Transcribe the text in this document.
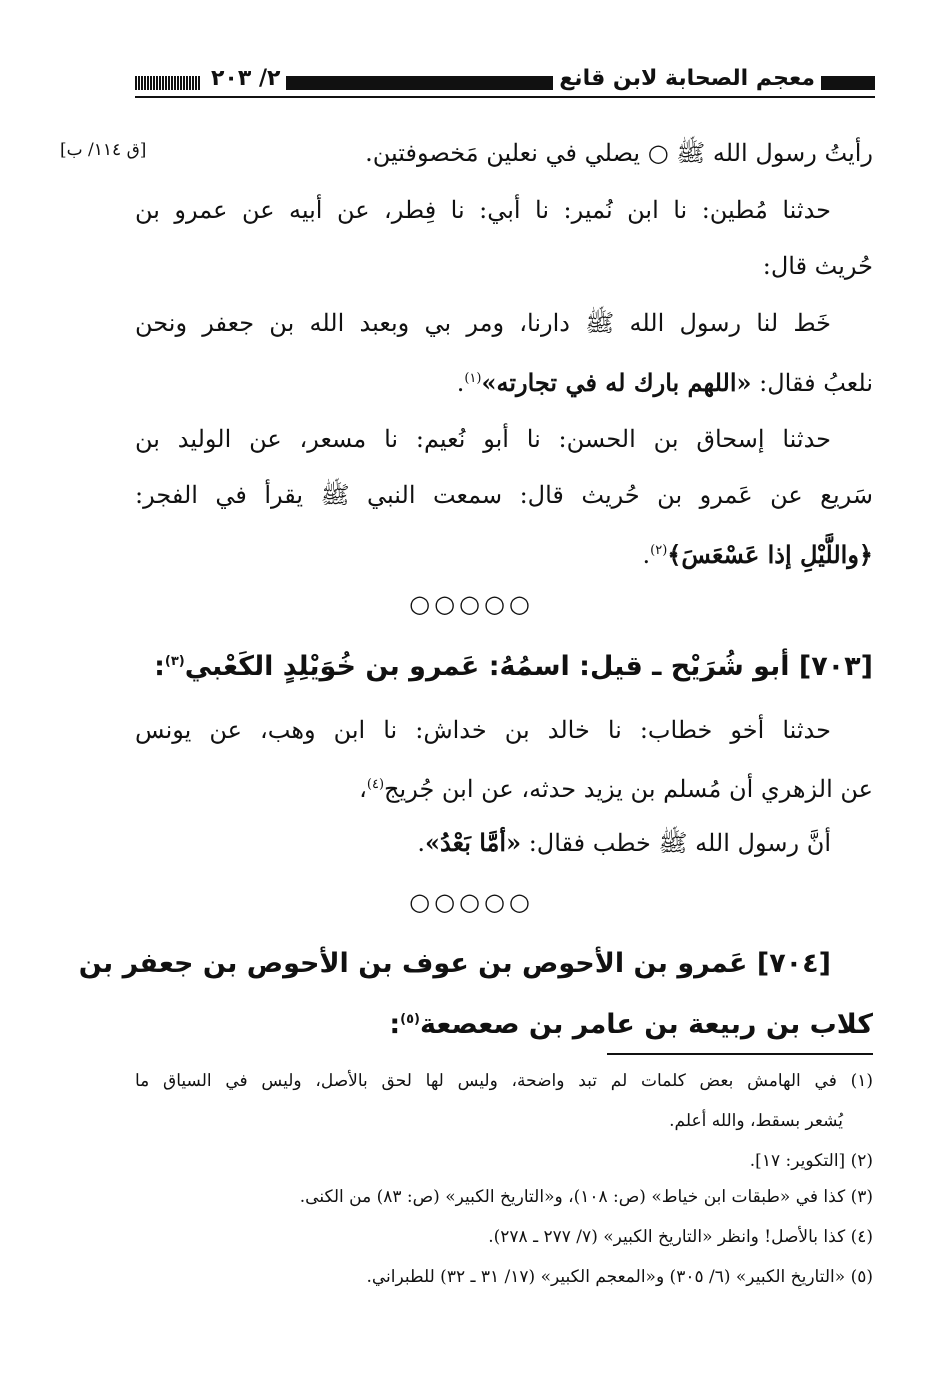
معجم الصحابة لابن قانع
٢/ ٢٠٣
[ق ١١٤/ ب]	رأيتُ رسول الله ﷺ ○ يصلي في نعلين مَخصوفتين.
حدثنا مُطين: نا ابن نُمير: نا أبي: نا فِطر، عن أبيه عن عمرو بن
حُريث قال:
خَط لنا رسول الله ﷺ دارنا، ومر بي وبعبد الله بن جعفر ونحن
نلعبُ فقال: «اللهم بارك له في تجارته»$^{(١)}$.
حدثنا إسحاق بن الحسن: نا أبو نُعيم: نا مسعر، عن الوليد بن
سَريع عن عَمرو بن حُريث قال: سمعت النبي ﷺ يقرأ في الفجر:
﴿واللَّيْلِ إذا عَسْعَسَ﴾$^{(٢)}$.
○○○○○
[٧٠٣] أبو شُرَيْح ـ قيل: اسمُهُ: عَمرو بن خُوَيْلِدٍ الكَعْبي$^{(٣)}$:
حدثنا أخو خطاب: نا خالد بن خداش: نا ابن وهب، عن يونس
عن الزهري أن مُسلم بن يزيد حدثه، عن ابن جُريج$^{(٤)}$،
أنَّ رسول الله ﷺ خطب فقال: «أمَّا بَعْدُ».
○○○○○
[٧٠٤] عَمرو بن الأحوص بن عوف بن الأحوص بن جعفر بن
كلاب بن ربيعة بن عامر بن صعصعة$^{(٥)}$:
(١) في الهامش بعض كلمات لم تبد واضحة، وليس لها لحق بالأصل، وليس في السياق ما
يُشعر بسقط، والله أعلم.
(٢) [التكوير: ١٧].
(٣) كذا في «طبقات ابن خياط» (ص: ١٠٨)، و«التاريخ الكبير» (ص: ٨٣) من الكنى.
(٤) كذا بالأصل! وانظر «التاريخ الكبير» (٧/ ٢٧٧ ـ ٢٧٨).
(٥) «التاريخ الكبير» (٦/ ٣٠٥) و«المعجم الكبير» (١٧/ ٣١ ـ ٣٢) للطبراني.
